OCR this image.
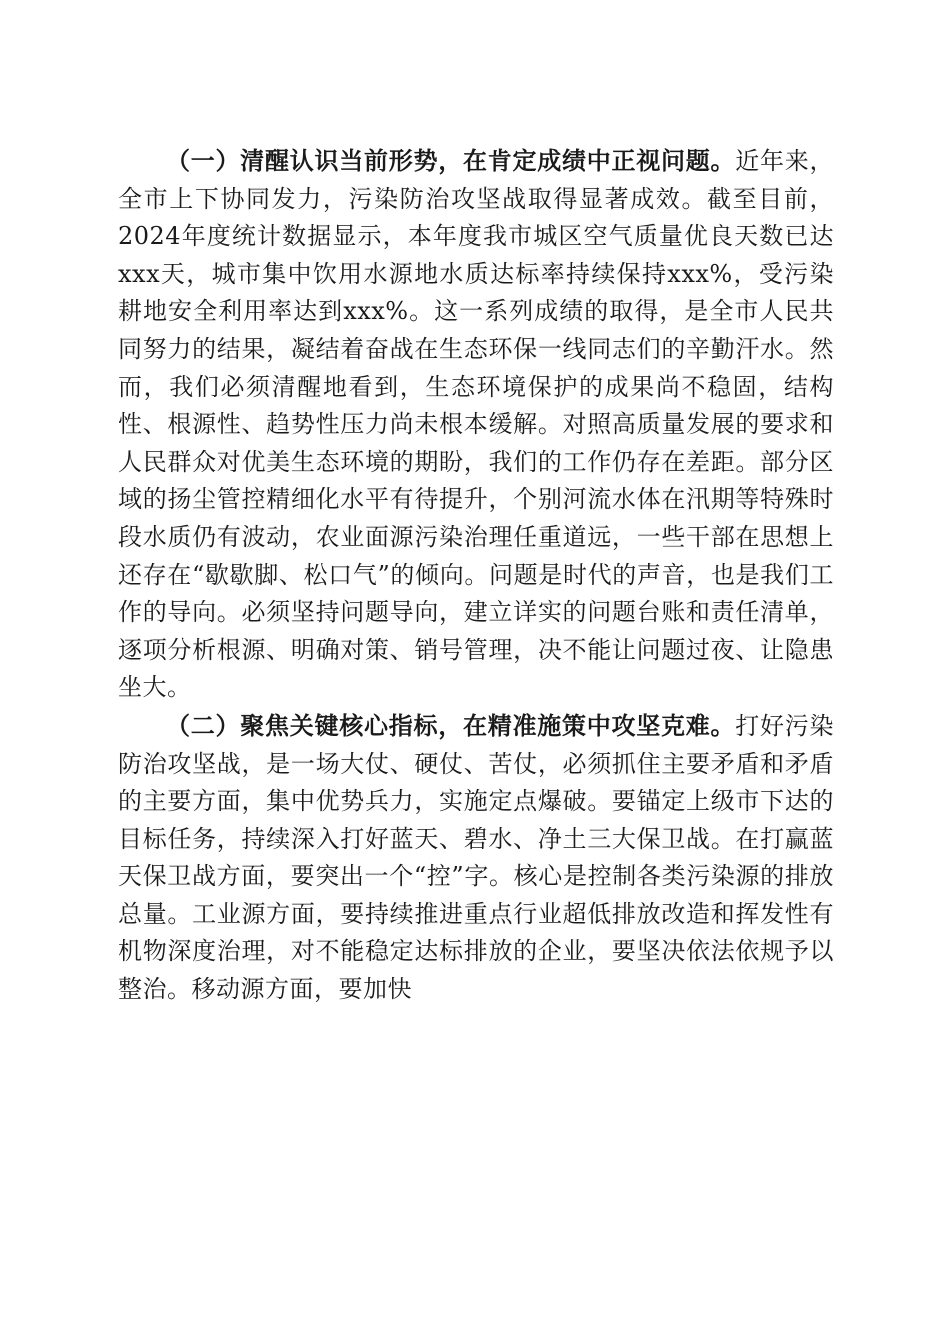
（一）清醒认识当前形势，在肯定成绩中正视问题。近年来，全市上下协同发力，污染防治攻坚战取得显著成效。截至目前，2024年度统计数据显示，本年度我市城区空气质量优良天数已达xxx天，城市集中饮用水源地水质达标率持续保持xxx%，受污染耕地安全利用率达到xxx%。这一系列成绩的取得，是全市人民共同努力的结果，凝结着奋战在生态环保一线同志们的辛勤汗水。然而，我们必须清醒地看到，生态环境保护的成果尚不稳固，结构性、根源性、趋势性压力尚未根本缓解。对照高质量发展的要求和人民群众对优美生态环境的期盼，我们的工作仍存在差距。部分区域的扬尘管控精细化水平有待提升，个别河流水体在汛期等特殊时段水质仍有波动，农业面源污染治理任重道远，一些干部在思想上还存在“歇歇脚、松口气”的倾向。问题是时代的声音，也是我们工作的导向。必须坚持问题导向，建立详实的问题台账和责任清单，逐项分析根源、明确对策、销号管理，决不能让问题过夜、让隐患坐大。

（二）聚焦关键核心指标，在精准施策中攻坚克难。打好污染防治攻坚战，是一场大仗、硬仗、苦仗，必须抓住主要矛盾和矛盾的主要方面，集中优势兵力，实施定点爆破。要锚定上级市下达的目标任务，持续深入打好蓝天、碧水、净土三大保卫战。在打赢蓝天保卫战方面，要突出一个“控”字。核心是控制各类污染源的排放总量。工业源方面，要持续推进重点行业超低排放改造和挥发性有机物深度治理，对不能稳定达标排放的企业，要坚决依法依规予以整治。移动源方面，要加快
